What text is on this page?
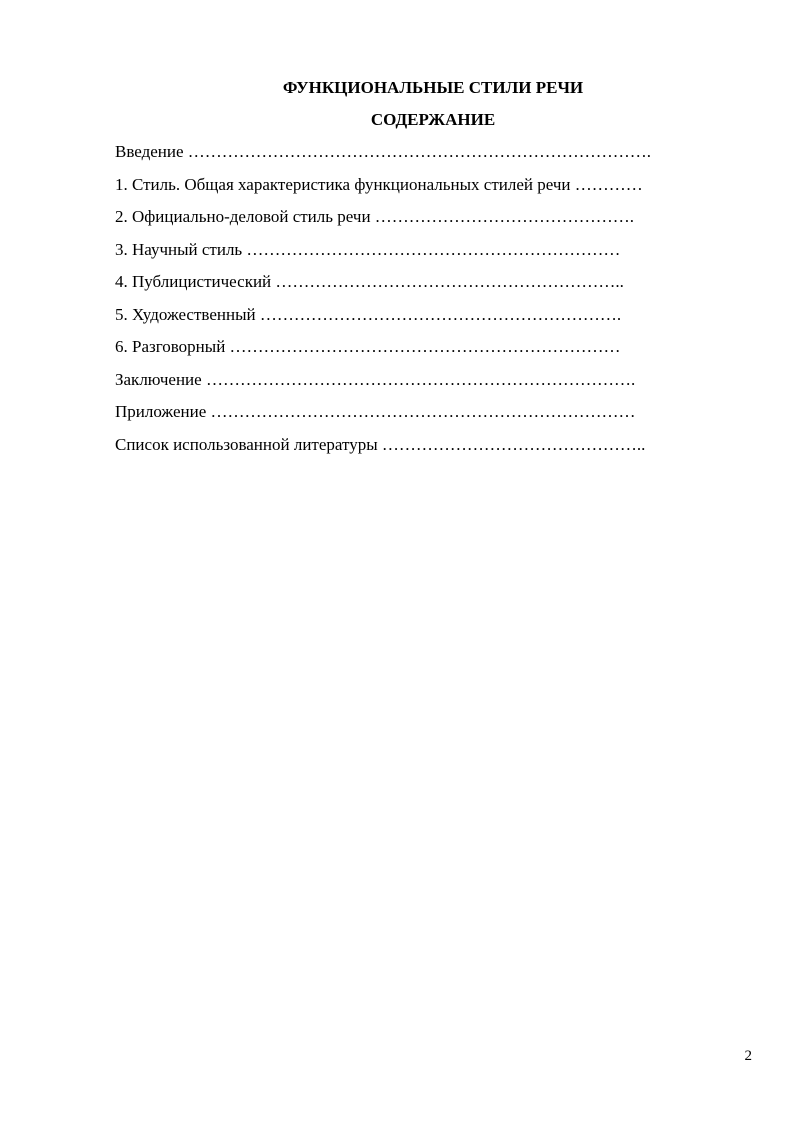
ФУНКЦИОНАЛЬНЫЕ СТИЛИ РЕЧИ
СОДЕРЖАНИЕ
Введение ……………………………………………………………………….
1. Стиль. Общая характеристика функциональных стилей речи …………
2. Официально-деловой стиль речи ……………………………………….
3. Научный стиль …………………………………………………………
4. Публицистический ……………………………………………………..
5. Художественный ……………………………………………………….
6. Разговорный ……………………………………………………………
Заключение ………………………………………………………………….
Приложение …………………………………………………………………
Список использованной литературы ………………………………………..
2
